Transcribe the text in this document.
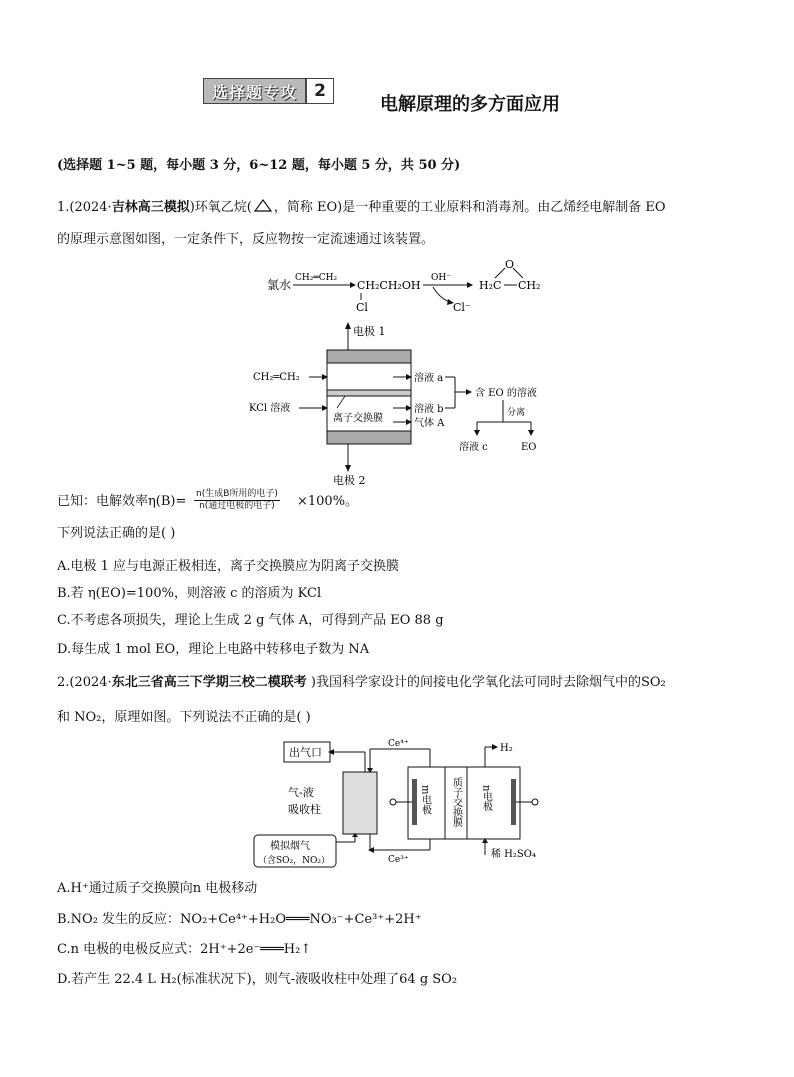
选择题专攻	2
电解原理的多方面应用
(选择题 1~5 题，每小题 3 分，6~12 题，每小题 5 分，共 50 分)
1.(2024·吉林高三模拟)环氧乙烷( ，简称 EO)是一种重要的工业原料和消毒剂。由乙烯经电解制备 EO
的原理示意图如图，一定条件下，反应物按一定流速通过该装置。
氯水 CH₂═CH₂
CH₂CH₂OH
Cl
OH⁻
Cl⁻
H₂C CH₂
O
电极 1
电极 2
CH₂═CH₂
KCl 溶液
离子交换膜
溶液 a
溶液 b
气体 A
含 EO 的溶液
分离
溶液 c	EO
已知：电解效率η(B)= n(生成B所用的电子)
n(通过电极的电子)	×100%。
下列说法正确的是( )
A.电极 1 应与电源正极相连，离子交换膜应为阴离子交换膜
B.若 η(EO)=100%，则溶液 c 的溶质为 KCl
C.不考虑各项损失，理论上生成 2 g 气体 A，可得到产品 EO 88 g
D.每生成 1 mol EO，理论上电路中转移电子数为 NA
2.(2024·东北三省高三下学期三校二模联考 )我国科学家设计的间接电化学氧化法可同时去除烟气中的SO₂
和 NO₂，原理如图。下列说法不正确的是( )
出气口
气-液
吸收柱
Ce⁴⁺
m电极 质子交换膜 n电极
H₂
Ce³⁺
模拟烟气
（含SO₂，NO₂）
稀 H₂SO₄
A.H⁺通过质子交换膜向n 电极移动
B.NO₂ 发生的反应：NO₂+Ce⁴⁺+H₂O═══NO₃⁻+Ce³⁺+2H⁺
C.n 电极的电极反应式：2H⁺+2e⁻═══H₂↑
D.若产生 22.4 L H₂(标准状况下)，则气-液吸收柱中处理了64 g SO₂
